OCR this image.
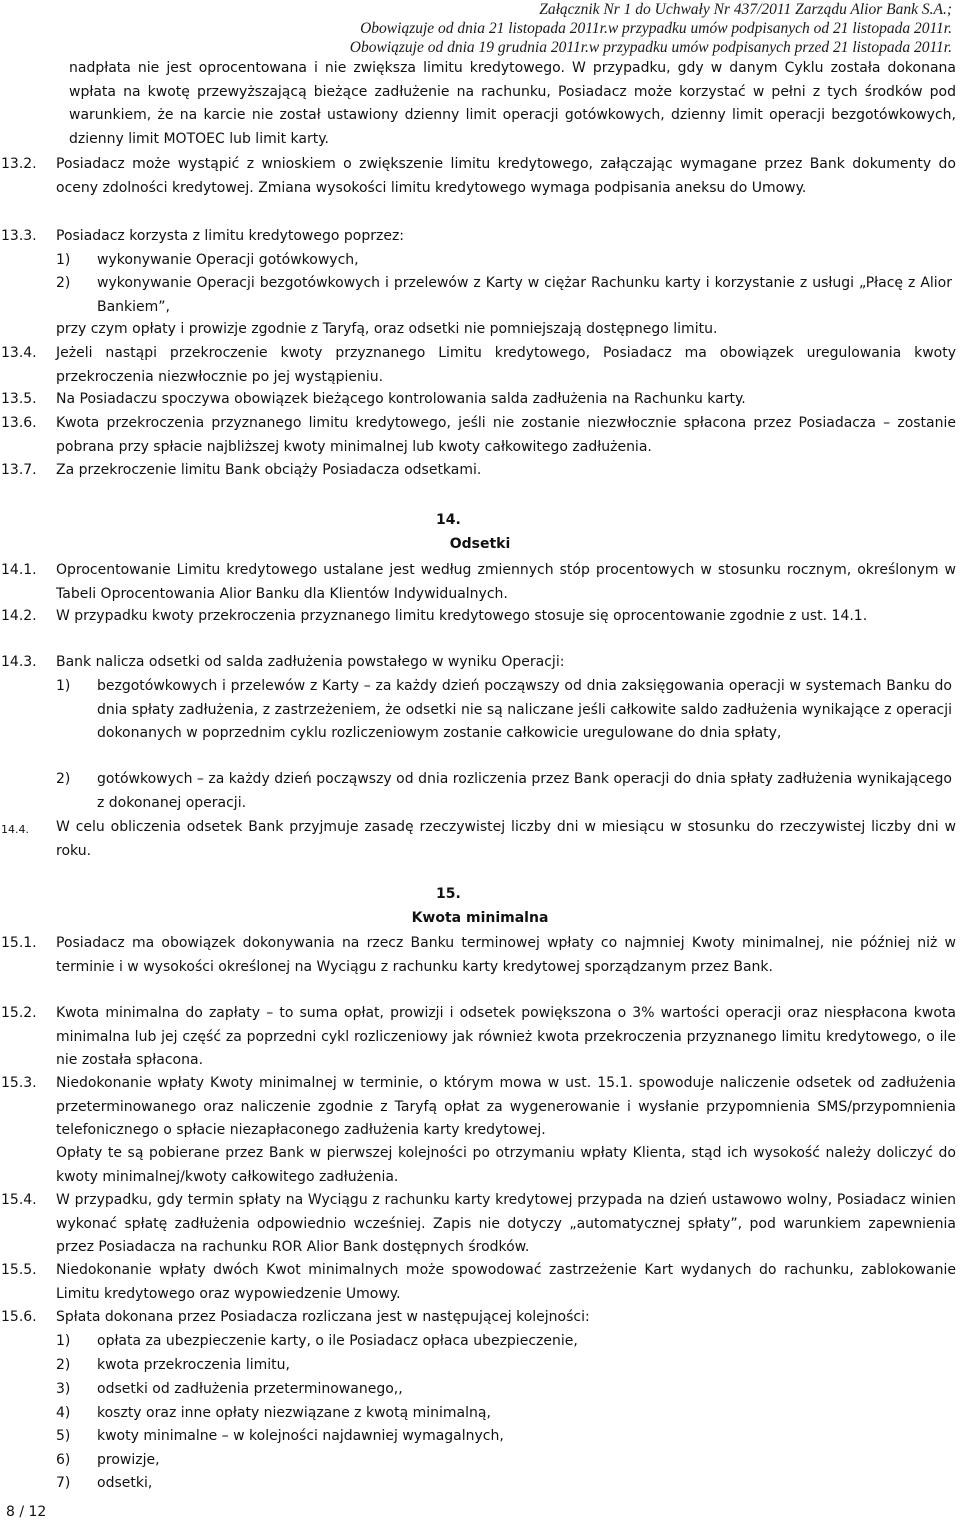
Załącznik Nr 1 do Uchwały Nr 437/2011 Zarządu Alior Bank S.A.;
Obowiązuje od dnia 21 listopada 2011r.w przypadku umów podpisanych od 21 listopada 2011r.
Obowiązuje od dnia 19 grudnia 2011r.w przypadku umów podpisanych przed 21 listopada 2011r.
nadpłata nie jest oprocentowana i nie zwiększa limitu kredytowego. W przypadku, gdy w danym Cyklu została dokonana wpłata na kwotę przewyższającą bieżące zadłużenie na rachunku, Posiadacz może korzystać w pełni z tych środków pod warunkiem, że na karcie nie został ustawiony dzienny limit operacji gotówkowych, dzienny limit operacji bezgotówkowych, dzienny limit MOTOEC lub limit karty.
13.2. Posiadacz może wystąpić z wnioskiem o zwiększenie limitu kredytowego, załączając wymagane przez Bank dokumenty do oceny zdolności kredytowej. Zmiana wysokości limitu kredytowego wymaga podpisania aneksu do Umowy.
13.3. Posiadacz korzysta z limitu kredytowego poprzez:
1) wykonywanie Operacji gotówkowych,
2) wykonywanie Operacji bezgotówkowych i przelewów z Karty w ciężar Rachunku karty i korzystanie z usługi „Płacę z Alior Bankiem”,
przy czym opłaty i prowizje zgodnie z Taryfą, oraz odsetki nie pomniejszają dostępnego limitu.
13.4. Jeżeli nastąpi przekroczenie kwoty przyznanego Limitu kredytowego, Posiadacz ma obowiązek uregulowania kwoty przekroczenia niezwłocznie po jej wystąpieniu.
13.5. Na Posiadaczu spoczywa obowiązek bieżącego kontrolowania salda zadłużenia na Rachunku karty.
13.6. Kwota przekroczenia przyznanego limitu kredytowego, jeśli nie zostanie niezwłocznie spłacona przez Posiadacza – zostanie pobrana przy spłacie najbliższej kwoty minimalnej lub kwoty całkowitego zadłużenia.
13.7. Za przekroczenie limitu Bank obciąży Posiadacza odsetkami.
14.
Odsetki
14.1. Oprocentowanie Limitu kredytowego ustalane jest według zmiennych stóp procentowych w stosunku rocznym, określonym w Tabeli Oprocentowania Alior Banku dla Klientów Indywidualnych.
14.2. W przypadku kwoty przekroczenia przyznanego limitu kredytowego stosuje się oprocentowanie zgodnie z ust. 14.1.
14.3. Bank nalicza odsetki od salda zadłużenia powstałego w wyniku Operacji:
1) bezgotówkowych i przelewów z Karty – za każdy dzień począwszy od dnia zaksięgowania operacji w systemach Banku do dnia spłaty zadłużenia, z zastrzeżeniem, że odsetki nie są naliczane jeśli całkowite saldo zadłużenia wynikające z operacji dokonanych w poprzednim cyklu rozliczeniowym zostanie całkowicie uregulowane do dnia spłaty,
2) gotówkowych – za każdy dzień począwszy od dnia rozliczenia przez Bank operacji do dnia spłaty zadłużenia wynikającego z dokonanej operacji.
14.4. W celu obliczenia odsetek Bank przyjmuje zasadę rzeczywistej liczby dni w miesiącu w stosunku do rzeczywistej liczby dni w roku.
15.
Kwota minimalna
15.1. Posiadacz ma obowiązek dokonywania na rzecz Banku terminowej wpłaty co najmniej Kwoty minimalnej, nie później niż w terminie i w wysokości określonej na Wyciągu z rachunku karty kredytowej sporządzanym przez Bank.
15.2. Kwota minimalna do zapłaty – to suma opłat, prowizji i odsetek powiększona o 3% wartości operacji oraz niespłacona kwota minimalna lub jej część za poprzedni cykl rozliczeniowy jak również kwota przekroczenia przyznanego limitu kredytowego, o ile nie została spłacona.
15.3. Niedokonanie wpłaty Kwoty minimalnej w terminie, o którym mowa w ust. 15.1. spowoduje naliczenie odsetek od zadłużenia przeterminowanego oraz naliczenie zgodnie z Taryfą opłat za wygenerowanie i wysłanie przypomnienia SMS/przypomnienia telefonicznego o spłacie niezapłaconego zadłużenia karty kredytowej.
Opłaty te są pobierane przez Bank w pierwszej kolejności po otrzymaniu wpłaty Klienta, stąd ich wysokość należy doliczyć do kwoty minimalnej/kwoty całkowitego zadłużenia.
15.4. W przypadku, gdy termin spłaty na Wyciągu z rachunku karty kredytowej przypada na dzień ustawowo wolny, Posiadacz winien wykonać spłatę zadłużenia odpowiednio wcześniej. Zapis nie dotyczy „automatycznej spłaty”, pod warunkiem zapewnienia przez Posiadacza na rachunku ROR Alior Bank dostępnych środków.
15.5. Niedokonanie wpłaty dwóch Kwot minimalnych może spowodować zastrzeżenie Kart wydanych do rachunku, zablokowanie Limitu kredytowego oraz wypowiedzenie Umowy.
15.6. Spłata dokonana przez Posiadacza rozliczana jest w następującej kolejności:
1) opłata za ubezpieczenie karty, o ile Posiadacz opłaca ubezpieczenie,
2) kwota przekroczenia limitu,
3) odsetki od zadłużenia przeterminowanego,,
4) koszty oraz inne opłaty niezwiązane z kwotą minimalną,
5) kwoty minimalne – w kolejności najdawniej wymagalnych,
6) prowizje,
7) odsetki,
8 / 12
